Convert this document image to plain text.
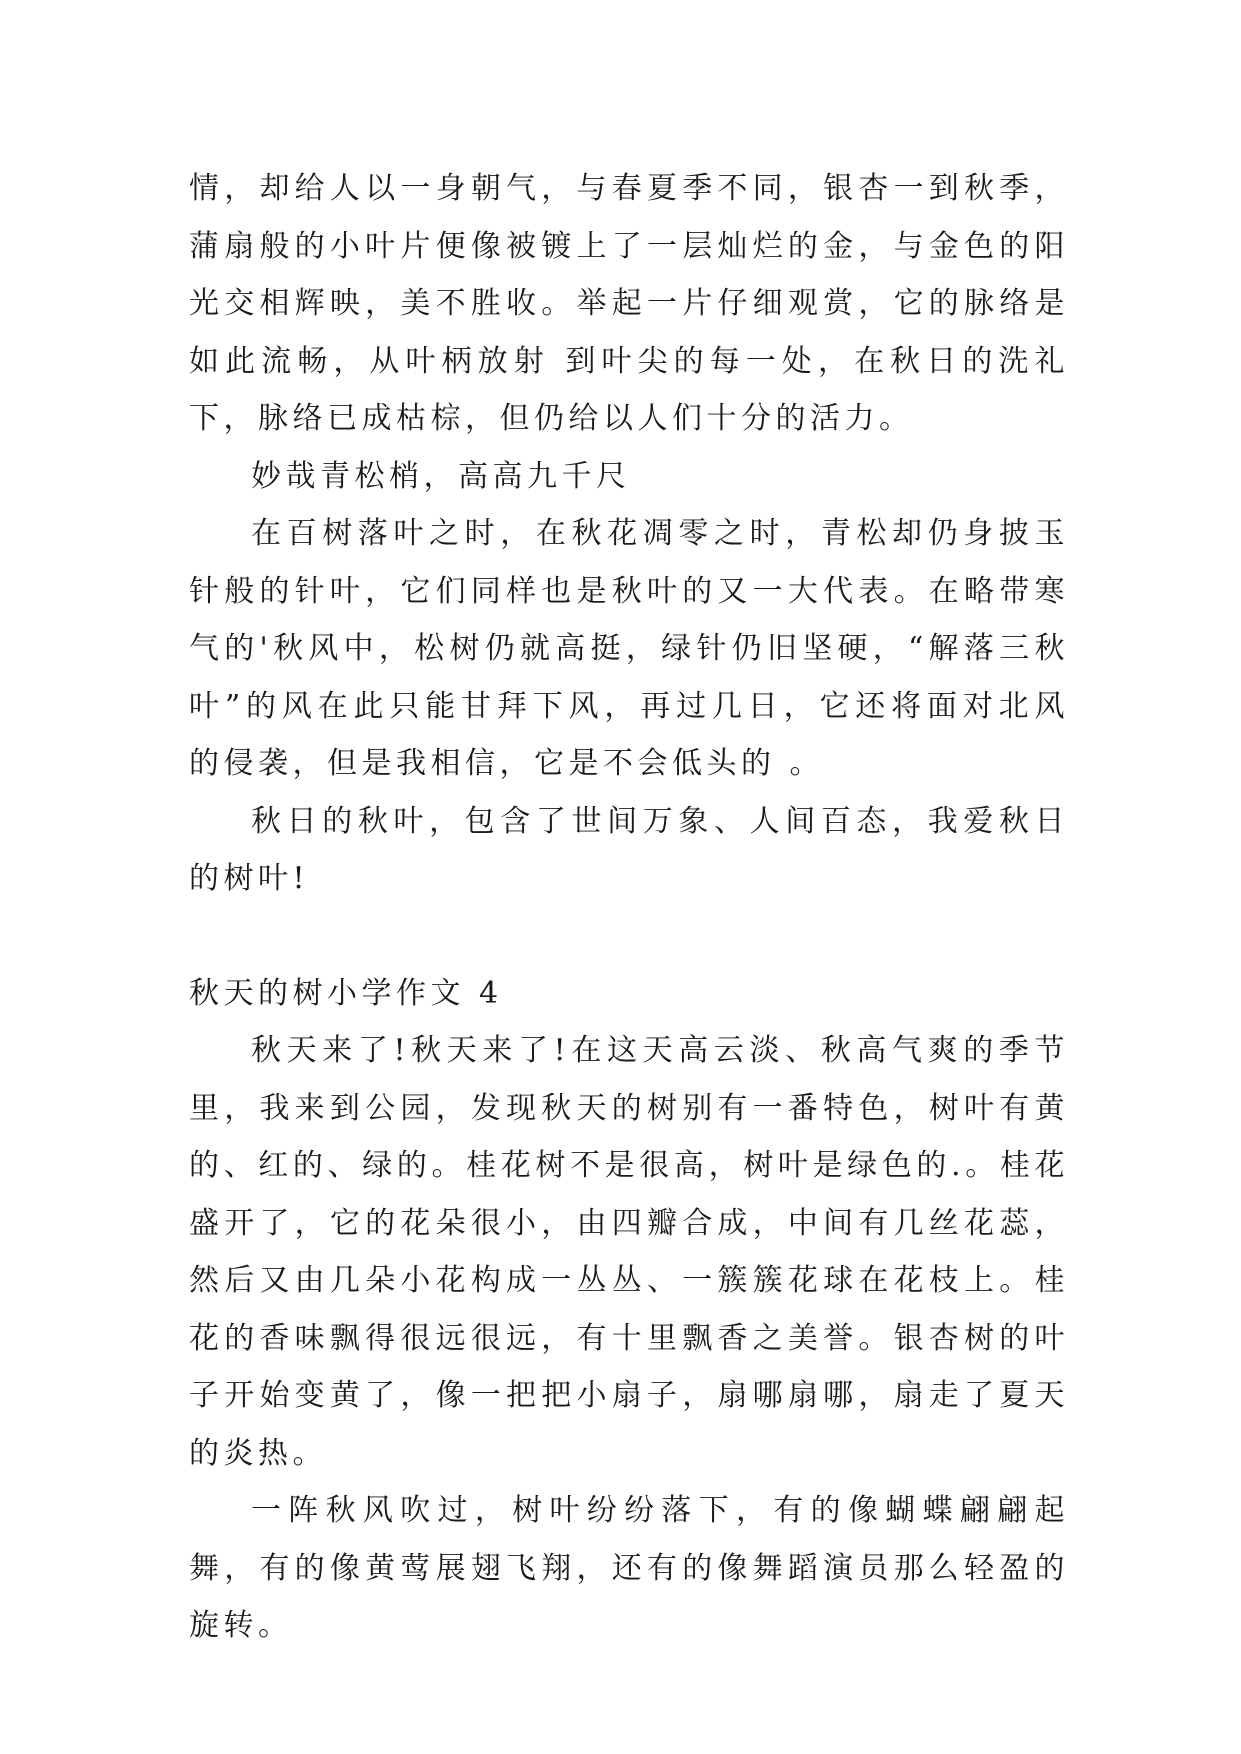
情，却给人以一身朝气，与春夏季不同，银杏一到秋季，蒲扇般的小叶片便像被镀上了一层灿烂的金，与金色的阳光交相辉映，美不胜收。举起一片仔细观赏，它的脉络是如此流畅，从叶柄放射 到叶尖的每一处，在秋日的洗礼下，脉络已成枯棕，但仍给以人们十分的活力。

妙哉青松梢，高高九千尺

在百树落叶之时，在秋花凋零之时，青松却仍身披玉针般的针叶，它们同样也是秋叶的又一大代表。在略带寒气的'秋风中，松树仍就高挺，绿针仍旧坚硬，“解落三秋叶”的风在此只能甘拜下风，再过几日，它还将面对北风的侵袭，但是我相信，它是不会低头的 。

秋日的秋叶，包含了世间万象、人间百态，我爱秋日的树叶!

秋天的树小学作文 4

秋天来了!秋天来了!在这天高云淡、秋高气爽的季节里，我来到公园，发现秋天的树别有一番特色，树叶有黄的、红的、绿的。桂花树不是很高，树叶是绿色的.。桂花盛开了，它的花朵很小，由四瓣合成，中间有几丝花蕊，然后又由几朵小花构成一丛丛、一簇簇花球在花枝上。桂花的香味飘得很远很远，有十里飘香之美誉。银杏树的叶子开始变黄了，像一把把小扇子，扇哪扇哪，扇走了夏天的炎热。

一阵秋风吹过，树叶纷纷落下，有的像蝴蝶翩翩起舞，有的像黄莺展翅飞翔，还有的像舞蹈演员那么轻盈的旋转。
